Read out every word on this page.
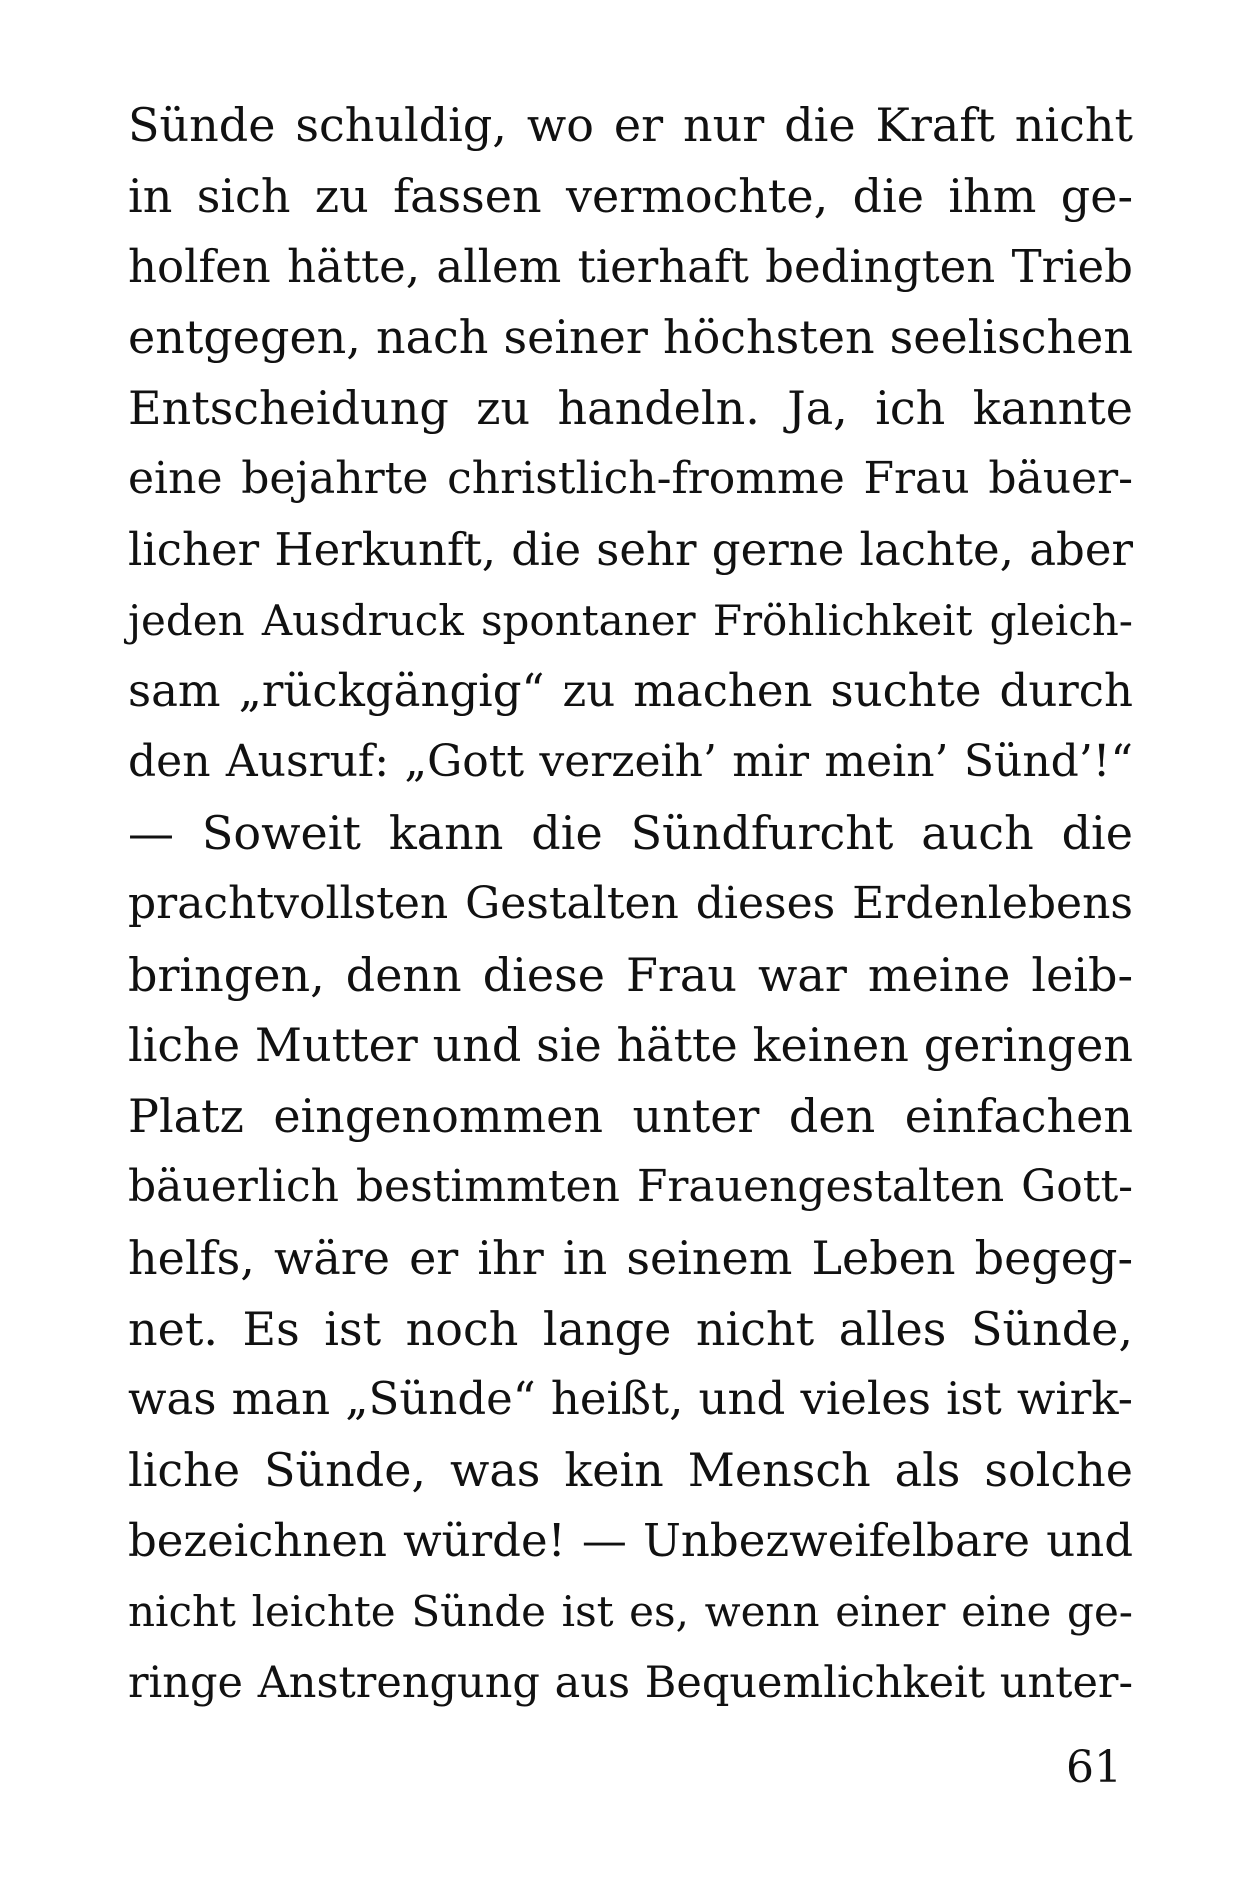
Sünde schuldig, wo er nur die Kraft nicht
in sich zu fassen vermochte, die ihm ge-
holfen hätte, allem tierhaft bedingten Trieb
entgegen, nach seiner höchsten seelischen
Entscheidung zu handeln. Ja, ich kannte
eine bejahrte christlich-fromme Frau bäuer-
licher Herkunft, die sehr gerne lachte, aber
jeden Ausdruck spontaner Fröhlichkeit gleich-
sam „rückgängig“ zu machen suchte durch
den Ausruf: „Gott verzeih’ mir mein’ Sünd’!“
— Soweit kann die Sündfurcht auch die
prachtvollsten Gestalten dieses Erdenlebens
bringen, denn diese Frau war meine leib-
liche Mutter und sie hätte keinen geringen
Platz eingenommen unter den einfachen
bäuerlich bestimmten Frauengestalten Gott-
helfs, wäre er ihr in seinem Leben begeg-
net. Es ist noch lange nicht alles Sünde,
was man „Sünde“ heißt, und vieles ist wirk-
liche Sünde, was kein Mensch als solche
bezeichnen würde! — Unbezweifelbare und
nicht leichte Sünde ist es, wenn einer eine ge-
ringe Anstrengung aus Bequemlichkeit unter-
61
